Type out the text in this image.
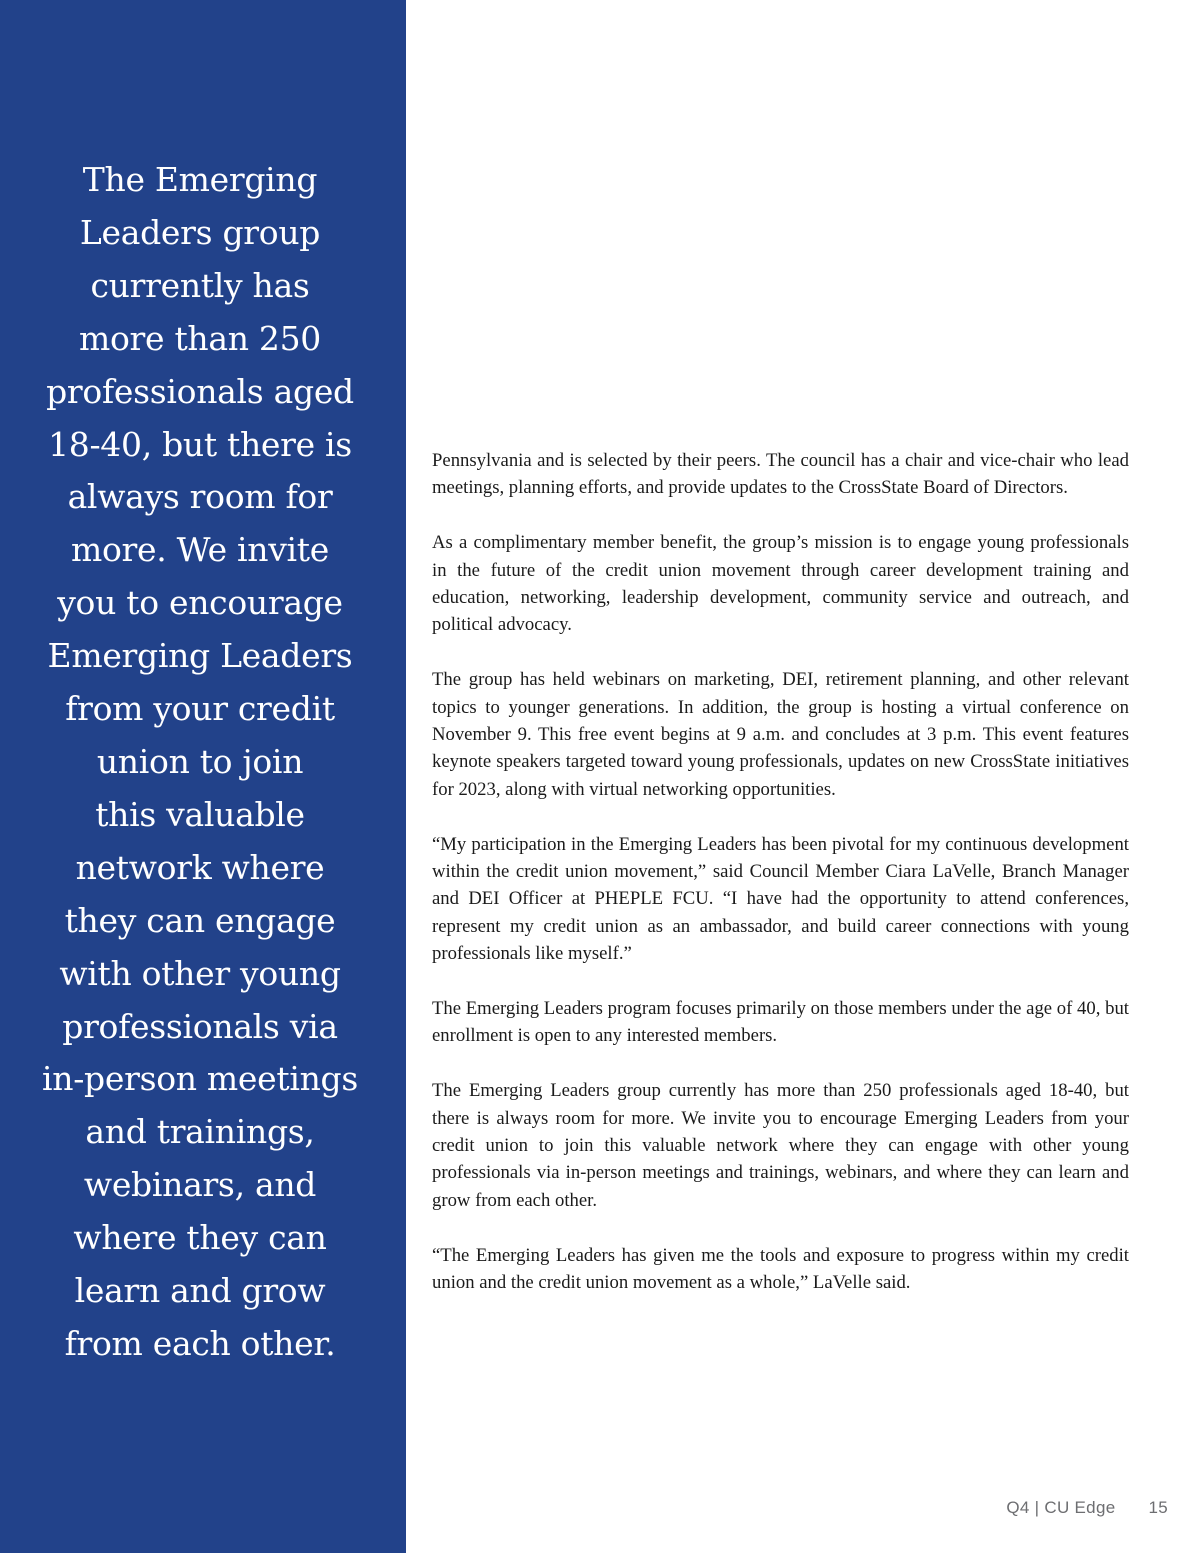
The Emerging
Leaders group
currently has
more than 250
professionals aged
18-40, but there is
always room for
more. We invite
you to encourage
Emerging Leaders
from your credit
union to join
this valuable
network where
they can engage
with other young
professionals via
in-person meetings
and trainings,
webinars, and
where they can
learn and grow
from each other.

Pennsylvania and is selected by their peers. The council has a chair and vice-chair who lead meetings, planning efforts, and provide updates to the CrossState Board of Directors.

As a complimentary member benefit, the group’s mission is to engage young professionals in the future of the credit union movement through career development training and education, networking, leadership development, community service and outreach, and political advocacy.

The group has held webinars on marketing, DEI, retirement planning, and other relevant topics to younger generations. In addition, the group is hosting a virtual conference on November 9. This free event begins at 9 a.m. and concludes at 3 p.m. This event features keynote speakers targeted toward young professionals, updates on new CrossState initiatives for 2023, along with virtual networking opportunities.

“My participation in the Emerging Leaders has been pivotal for my continuous development within the credit union movement,” said Council Member Ciara LaVelle, Branch Manager and DEI Officer at PHEPLE FCU. “I have had the opportunity to attend conferences, represent my credit union as an ambassador, and build career connections with young professionals like myself.”

The Emerging Leaders program focuses primarily on those members under the age of 40, but enrollment is open to any interested members.

The Emerging Leaders group currently has more than 250 professionals aged 18-40, but there is always room for more. We invite you to encourage Emerging Leaders from your credit union to join this valuable network where they can engage with other young professionals via in-person meetings and trainings, webinars, and where they can learn and grow from each other.

“The Emerging Leaders has given me the tools and exposure to progress within my credit union and the credit union movement as a whole,” LaVelle said.

Q4 | CU Edge 15
